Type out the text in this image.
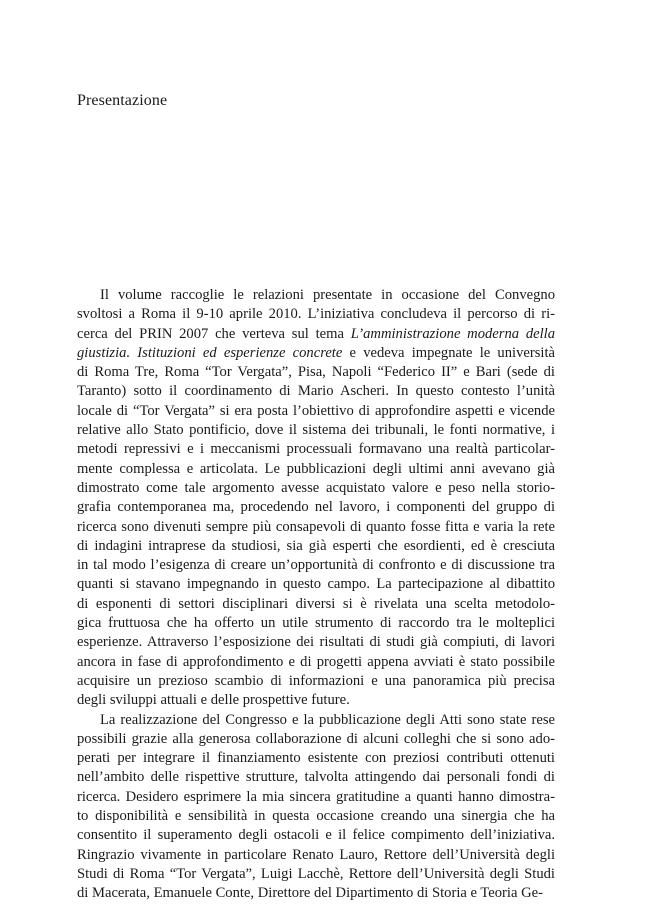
Presentazione
Il volume raccoglie le relazioni presentate in occasione del Convegno
svoltosi a Roma il 9-10 aprile 2010. L’iniziativa concludeva il percorso di ri-
cerca del PRIN 2007 che verteva sul tema L’amministrazione moderna della
giustizia. Istituzioni ed esperienze concrete e vedeva impegnate le università
di Roma Tre, Roma “Tor Vergata”, Pisa, Napoli “Federico II” e Bari (sede di
Taranto) sotto il coordinamento di Mario Ascheri. In questo contesto l’unità
locale di “Tor Vergata” si era posta l’obiettivo di approfondire aspetti e vicende
relative allo Stato pontificio, dove il sistema dei tribunali, le fonti normative, i
metodi repressivi e i meccanismi processuali formavano una realtà particolar-
mente complessa e articolata. Le pubblicazioni degli ultimi anni avevano già
dimostrato come tale argomento avesse acquistato valore e peso nella storio-
grafia contemporanea ma, procedendo nel lavoro, i componenti del gruppo di
ricerca sono divenuti sempre più consapevoli di quanto fosse fitta e varia la rete
di indagini intraprese da studiosi, sia già esperti che esordienti, ed è cresciuta
in tal modo l’esigenza di creare un’opportunità di confronto e di discussione tra
quanti si stavano impegnando in questo campo. La partecipazione al dibattito
di esponenti di settori disciplinari diversi si è rivelata una scelta metodolo-
gica fruttuosa che ha offerto un utile strumento di raccordo tra le molteplici
esperienze. Attraverso l’esposizione dei risultati di studi già compiuti, di lavori
ancora in fase di approfondimento e di progetti appena avviati è stato possibile
acquisire un prezioso scambio di informazioni e una panoramica più precisa
degli sviluppi attuali e delle prospettive future.
La realizzazione del Congresso e la pubblicazione degli Atti sono state rese
possibili grazie alla generosa collaborazione di alcuni colleghi che si sono ado-
perati per integrare il finanziamento esistente con preziosi contributi ottenuti
nell’ambito delle rispettive strutture, talvolta attingendo dai personali fondi di
ricerca. Desidero esprimere la mia sincera gratitudine a quanti hanno dimostra-
to disponibilità e sensibilità in questa occasione creando una sinergia che ha
consentito il superamento degli ostacoli e il felice compimento dell’iniziativa.
Ringrazio vivamente in particolare Renato Lauro, Rettore dell’Università degli
Studi di Roma “Tor Vergata”, Luigi Lacchè, Rettore dell’Università degli Studi
di Macerata, Emanuele Conte, Direttore del Dipartimento di Storia e Teoria Ge-
